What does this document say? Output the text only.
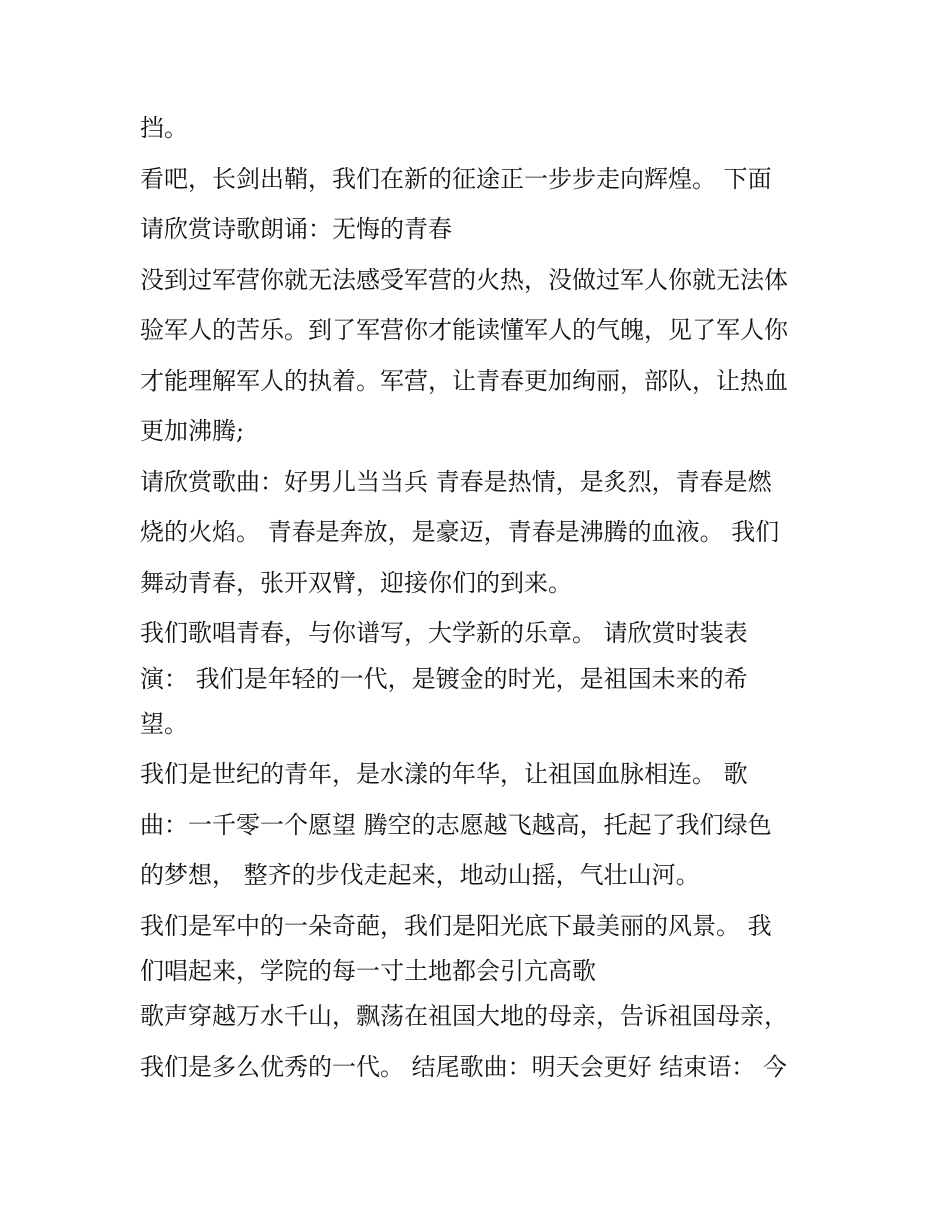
挡。
看吧，长剑出鞘，我们在新的征途正一步步走向辉煌。 下面
请欣赏诗歌朗诵：无悔的青春
没到过军营你就无法感受军营的火热，没做过军人你就无法体
验军人的苦乐。到了军营你才能读懂军人的气魄，见了军人你
才能理解军人的执着。军营，让青春更加绚丽，部队，让热血
更加沸腾;
请欣赏歌曲：好男儿当当兵 青春是热情，是炙烈，青春是燃
烧的火焰。 青春是奔放，是豪迈，青春是沸腾的血液。 我们
舞动青春，张开双臂，迎接你们的到来。
我们歌唱青春，与你谱写，大学新的乐章。 请欣赏时装表
演： 我们是年轻的一代，是镀金的时光，是祖国未来的希
望。
我们是世纪的青年，是水漾的年华，让祖国血脉相连。 歌
曲：一千零一个愿望 腾空的志愿越飞越高，托起了我们绿色
的梦想， 整齐的步伐走起来，地动山摇，气壮山河。
我们是军中的一朵奇葩，我们是阳光底下最美丽的风景。 我
们唱起来，学院的每一寸土地都会引亢高歌
歌声穿越万水千山，飘荡在祖国大地的母亲，告诉祖国母亲，
我们是多么优秀的一代。 结尾歌曲：明天会更好 结束语： 今
